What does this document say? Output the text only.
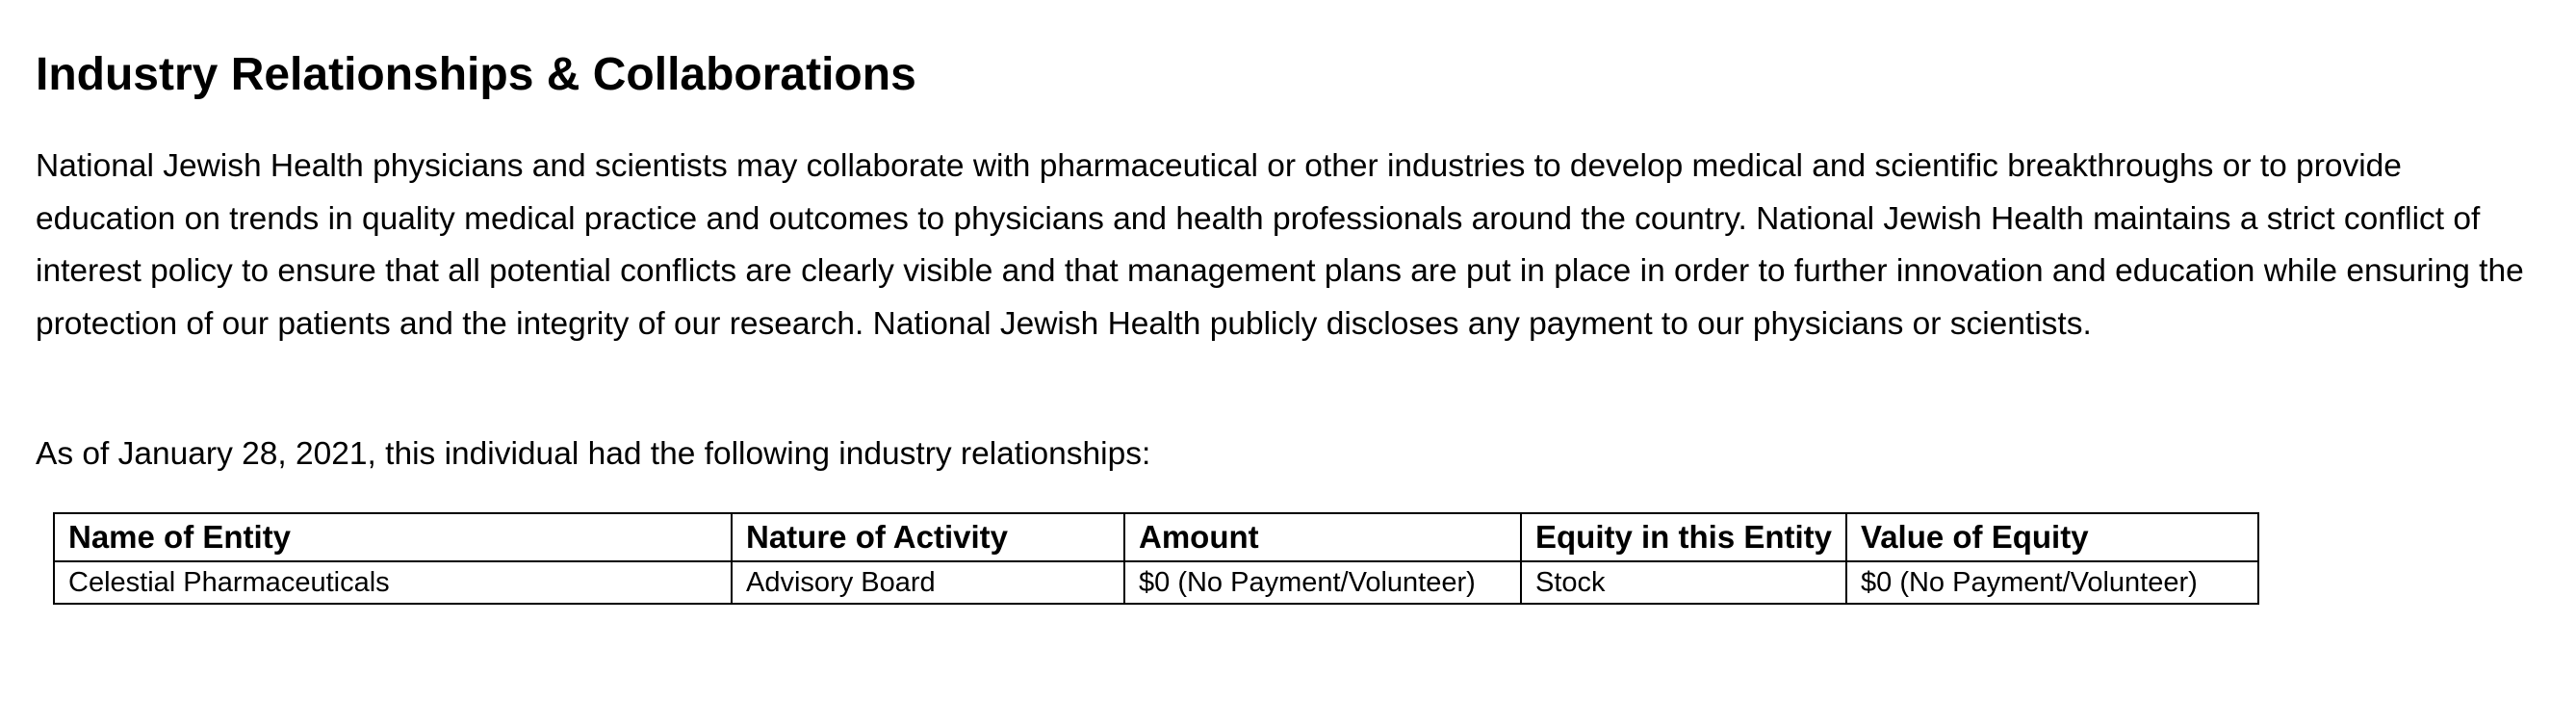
Industry Relationships & Collaborations

National Jewish Health physicians and scientists may collaborate with pharmaceutical or other industries to develop medical and scientific breakthroughs or to provide education on trends in quality medical practice and outcomes to physicians and health professionals around the country. National Jewish Health maintains a strict conflict of interest policy to ensure that all potential conflicts are clearly visible and that management plans are put in place in order to further innovation and education while ensuring the protection of our patients and the integrity of our research. National Jewish Health publicly discloses any payment to our physicians or scientists.

As of January 28, 2021, this individual had the following industry relationships:

Name of Entity	Nature of Activity	Amount	Equity in this Entity	Value of Equity
Celestial Pharmaceuticals	Advisory Board	$0 (No Payment/Volunteer)	Stock	$0 (No Payment/Volunteer)
